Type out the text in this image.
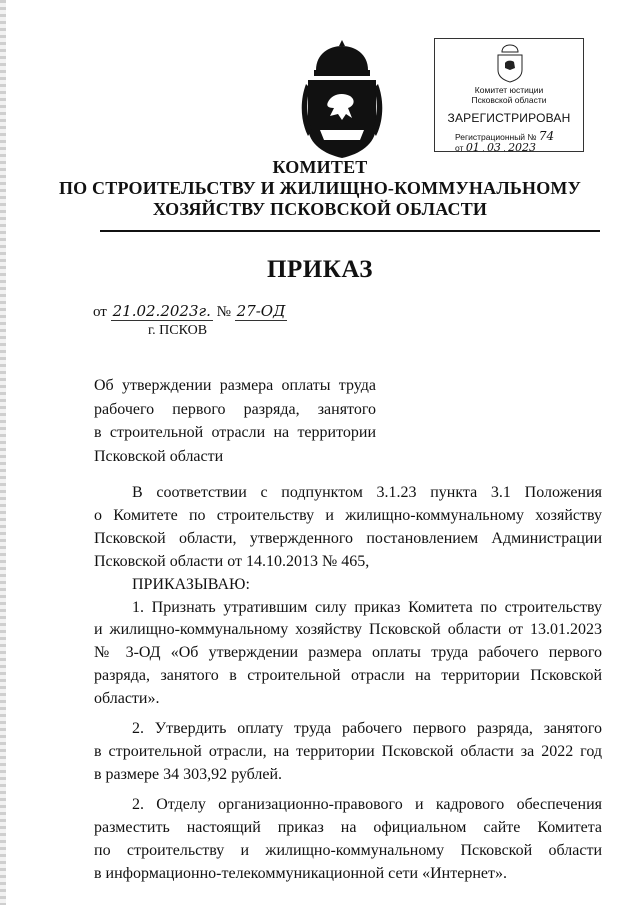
Комитет юстиции
Псковской области
ЗАРЕГИСТРИРОВАН
Регистрационный № 74
от 01 . 03 . 2023
КОМИТЕТ
ПО СТРОИТЕЛЬСТВУ И ЖИЛИЩНО-КОММУНАЛЬНОМУ
ХОЗЯЙСТВУ ПСКОВСКОЙ ОБЛАСТИ
ПРИКАЗ
от 21.02.2023г. № 27-ОД
г. ПСКОВ
Об утверждении размера оплаты труда
рабочего первого разряда, занятого
в строительной отрасли на территории
Псковской области
В соответствии с подпунктом 3.1.23 пункта 3.1 Положения
о Комитете по строительству и жилищно-коммунальному хозяйству
Псковской области, утвержденного постановлением Администрации
Псковской области от 14.10.2013 № 465,
ПРИКАЗЫВАЮ:
1. Признать утратившим силу приказ Комитета по строительству
и жилищно-коммунальному хозяйству Псковской области от 13.01.2023
№ 3-ОД «Об утверждении размера оплаты труда рабочего первого
разряда, занятого в строительной отрасли на территории Псковской
области».
2. Утвердить оплату труда рабочего первого разряда, занятого
в строительной отрасли, на территории Псковской области за 2022 год
в размере 34 303,92 рублей.
2. Отделу организационно-правового и кадрового обеспечения
разместить настоящий приказ на официальном сайте Комитета
по строительству и жилищно-коммунальному Псковской области
в информационно-телекоммуникационной сети «Интернет».
